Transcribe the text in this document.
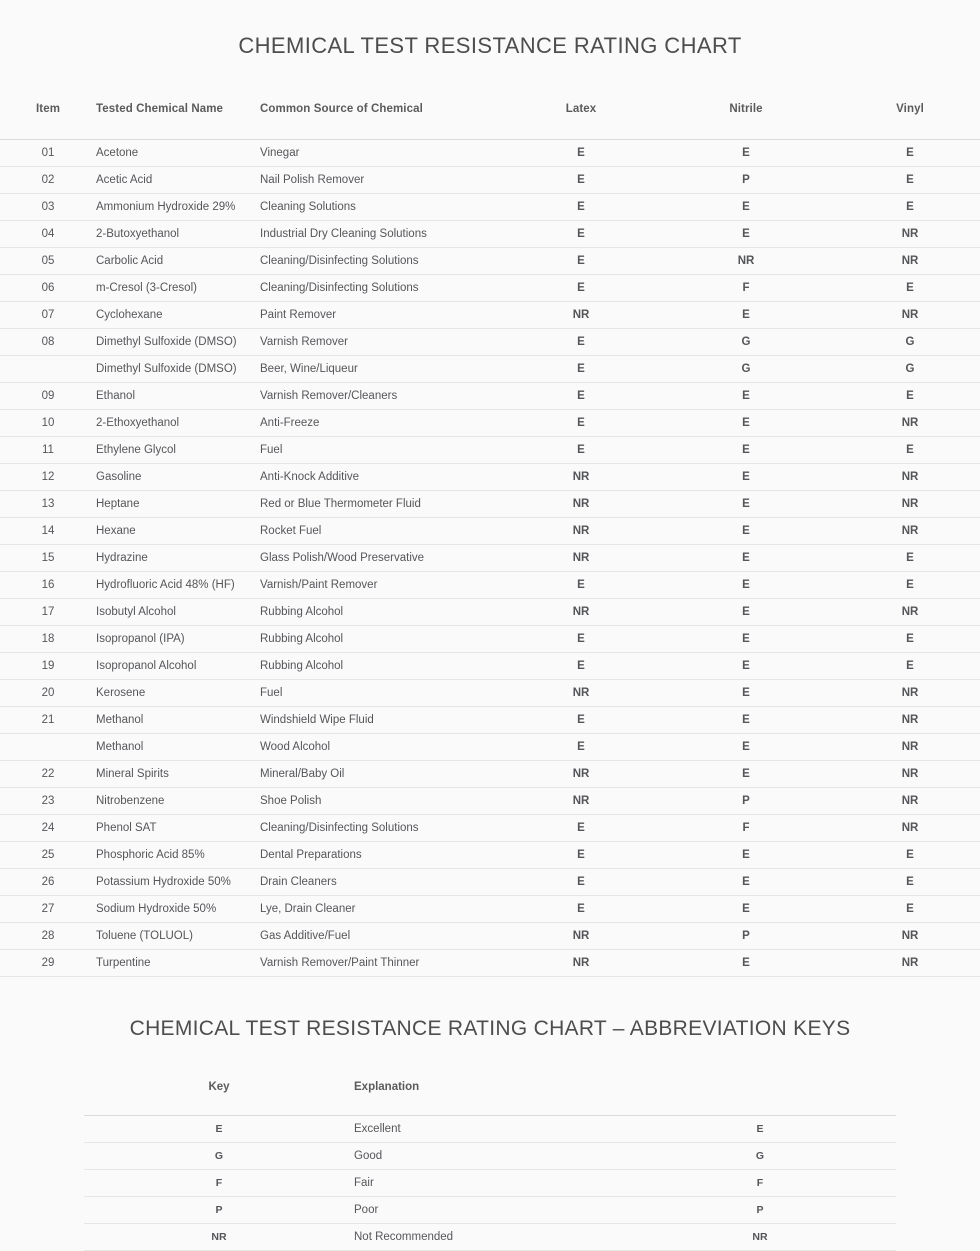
CHEMICAL TEST RESISTANCE RATING CHART
Item	Tested Chemical Name	Common Source of Chemical	Latex	Nitrile	Vinyl
01	Acetone	Vinegar	E	E	E
02	Acetic Acid	Nail Polish Remover	E	P	E
03	Ammonium Hydroxide 29%	Cleaning Solutions	E	E	E
04	2-Butoxyethanol	Industrial Dry Cleaning Solutions	E	E	NR
05	Carbolic Acid	Cleaning/Disinfecting Solutions	E	NR	NR
06	m-Cresol (3-Cresol)	Cleaning/Disinfecting Solutions	E	F	E
07	Cyclohexane	Paint Remover	NR	E	NR
08	Dimethyl Sulfoxide (DMSO)	Varnish Remover	E	G	G
	Dimethyl Sulfoxide (DMSO)	Beer, Wine/Liqueur	E	G	G
09	Ethanol	Varnish Remover/Cleaners	E	E	E
10	2-Ethoxyethanol	Anti-Freeze	E	E	NR
11	Ethylene Glycol	Fuel	E	E	E
12	Gasoline	Anti-Knock Additive	NR	E	NR
13	Heptane	Red or Blue Thermometer Fluid	NR	E	NR
14	Hexane	Rocket Fuel	NR	E	NR
15	Hydrazine	Glass Polish/Wood Preservative	NR	E	E
16	Hydrofluoric Acid 48% (HF)	Varnish/Paint Remover	E	E	E
17	Isobutyl Alcohol	Rubbing Alcohol	NR	E	NR
18	Isopropanol (IPA)	Rubbing Alcohol	E	E	E
19	Isopropanol Alcohol	Rubbing Alcohol	E	E	E
20	Kerosene	Fuel	NR	E	NR
21	Methanol	Windshield Wipe Fluid	E	E	NR
	Methanol	Wood Alcohol	E	E	NR
22	Mineral Spirits	Mineral/Baby Oil	NR	E	NR
23	Nitrobenzene	Shoe Polish	NR	P	NR
24	Phenol SAT	Cleaning/Disinfecting Solutions	E	F	NR
25	Phosphoric Acid 85%	Dental Preparations	E	E	E
26	Potassium Hydroxide 50%	Drain Cleaners	E	E	E
27	Sodium Hydroxide 50%	Lye, Drain Cleaner	E	E	E
28	Toluene (TOLUOL)	Gas Additive/Fuel	NR	P	NR
29	Turpentine	Varnish Remover/Paint Thinner	NR	E	NR
CHEMICAL TEST RESISTANCE RATING CHART – ABBREVIATION KEYS
Key	Explanation	
E	Excellent	E
G	Good	G
F	Fair	F
P	Poor	P
NR	Not Recommended	NR
